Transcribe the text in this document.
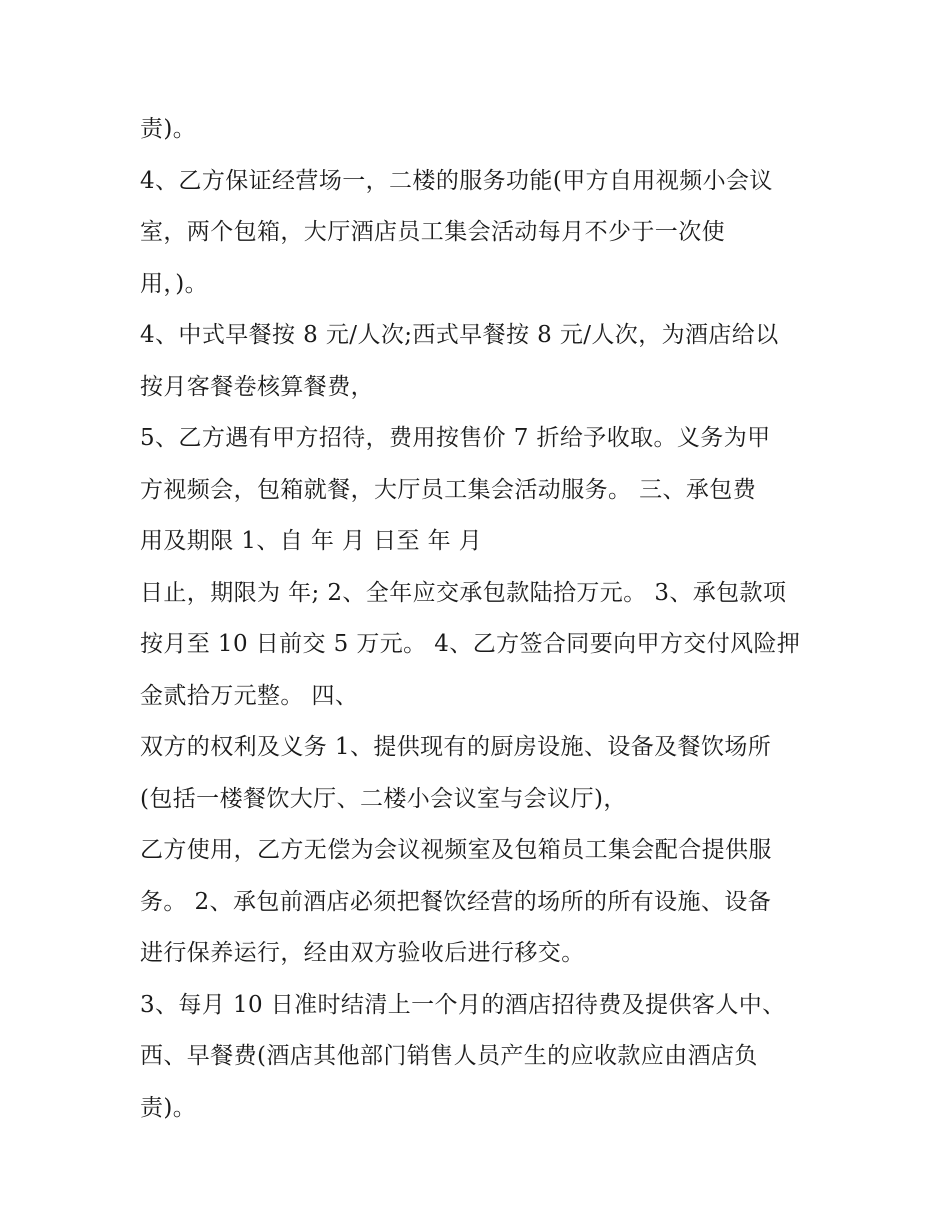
责)。
4、乙方保证经营场一，二楼的服务功能(甲方自用视频小会议
室，两个包箱，大厅酒店员工集会活动每月不少于一次使
用，)。
4、中式早餐按 8 元/人次;西式早餐按 8 元/人次，为酒店给以
按月客餐卷核算餐费，
5、乙方遇有甲方招待，费用按售价 7 折给予收取。义务为甲
方视频会，包箱就餐，大厅员工集会活动服务。 三、承包费
用及期限 1、自 年 月 日至 年 月
日止，期限为 年; 2、全年应交承包款陆拾万元。 3、承包款项
按月至 10 日前交 5 万元。 4、乙方签合同要向甲方交付风险押
金贰拾万元整。 四、
双方的权利及义务 1、提供现有的厨房设施、设备及餐饮场所
(包括一楼餐饮大厅、二楼小会议室与会议厅)，
乙方使用，乙方无偿为会议视频室及包箱员工集会配合提供服
务。 2、承包前酒店必须把餐饮经营的场所的所有设施、设备
进行保养运行，经由双方验收后进行移交。
3、每月 10 日准时结清上一个月的酒店招待费及提供客人中、
西、早餐费(酒店其他部门销售人员产生的应收款应由酒店负
责)。
